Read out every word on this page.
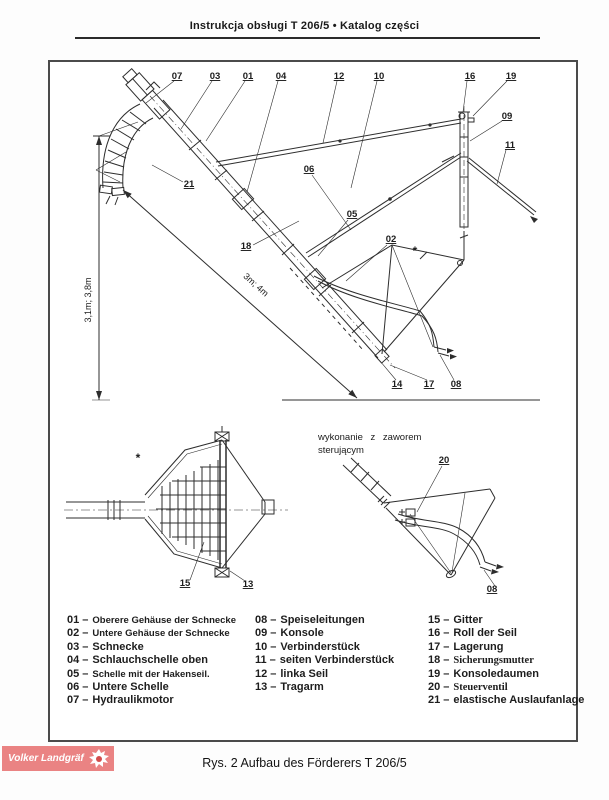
Instrukcja obsługi T 206/5 • Katalog części
3,1m; 3,8m	3m; 4m
07	03 01 04	12	10	16	19
09
11
21
06
18
05
02
14 17 08
*
*
15	13
wykonanie z zaworem
sterującym
20
08
01 – Oberere Gehäuse der Schnecke
02 – Untere Gehäuse der Schnecke
03 – Schnecke
04 – Schlauchschelle oben
05 – Schelle mit der Hakenseil.
06 – Untere Schelle
07 – Hydraulikmotor
08 – Speiseleitungen
09 – Konsole
10 – Verbinderstück
11 – seiten Verbinderstück
12 – linka Seil
13 – Tragarm
15 – Gitter
16 – Roll der Seil
17 – Lagerung
18 – Sicherungsmutter
19 – Konsoledaumen
20 – Steuerventil
21 – elastische Auslaufanlage
Rys. 2 Aufbau des Förderers T 206/5
Volker Landgräf
